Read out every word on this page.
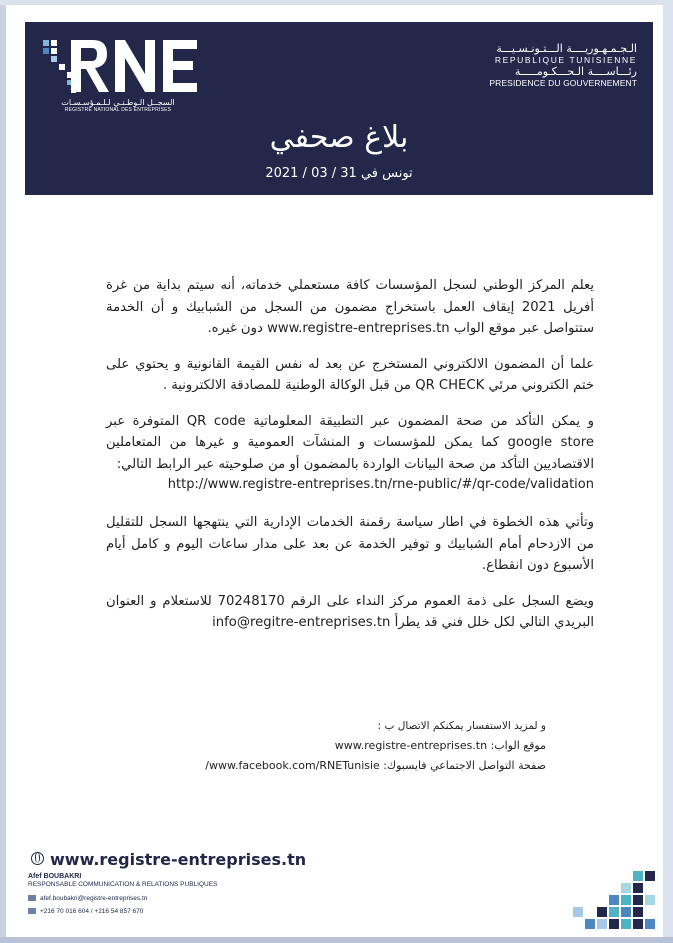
السجــل الـوطـنـي لـلـمـؤسـسـات
REGISTRE NATIONAL DES ENTREPRISES
الـجـمـهـوريــــة الـــتـونـسـيـــة
REPUBLIQUE TUNISIENNE
رئـــاســــة الـحـــكـومـــــة
PRESIDENCE DU GOUVERNEMENT
بلاغ صحفي
تونس في 31 / 03 / 2021

يعلم المركز الوطني لسجل المؤسسات كافة مستعملي خدماته، أنه سيتم بداية من غرة أفريل 2021 إيقاف العمل باستخراج مضمون من السجل من الشبابيك و أن الخدمة ستتواصل عبر موقع الواب www.registre-entreprises.tn دون غيره.

علما أن المضمون الالكتروني المستخرج عن بعد له نفس القيمة القانونية و يحتوي على ختم الكتروني مرئي QR CHECK من قبل الوكالة الوطنية للمصادقة الالكترونية .

و يمكن التأكد من صحة المضمون عبر التطبيقة المعلوماتية QR code المتوفرة عبر google store كما يمكن للمؤسسات و المنشآت العمومية و غيرها من المتعاملين الاقتصاديين التأكد من صحة البيانات الواردة بالمضمون أو من صلوحيته عبر الرابط التالي:

http://www.registre-entreprises.tn/rne-public/#/qr-code/validation

وتأتي هذه الخطوة في اطار سياسة رقمنة الخدمات الإدارية التي ينتهجها السجل للتقليل من الازدحام أمام الشبابيك و توفير الخدمة عن بعد على مدار ساعات اليوم و كامل أيام الأسبوع دون انقطاع.

ويضع السجل على ذمة العموم مركز النداء على الرقم 70248170 للاستعلام و العنوان البريدي التالي لكل خلل فني قد يطرأ info@regitre-entreprises.tn

و لمزيد الاستفسار يمكنكم الاتصال ب :
موقع الواب: www.registre-entreprises.tn
صفحة التواصل الاجتماعي فايسبوك: www.facebook.com/RNETunisie/
www.registre-entreprises.tn
Afef BOUBAKRI
RESPONSABLE COMMUNICATION & RELATIONS PUBLIQUES
afef.boubakri@registre-entreprises.tn
+216 70 016 604 / +216 54 857 670
